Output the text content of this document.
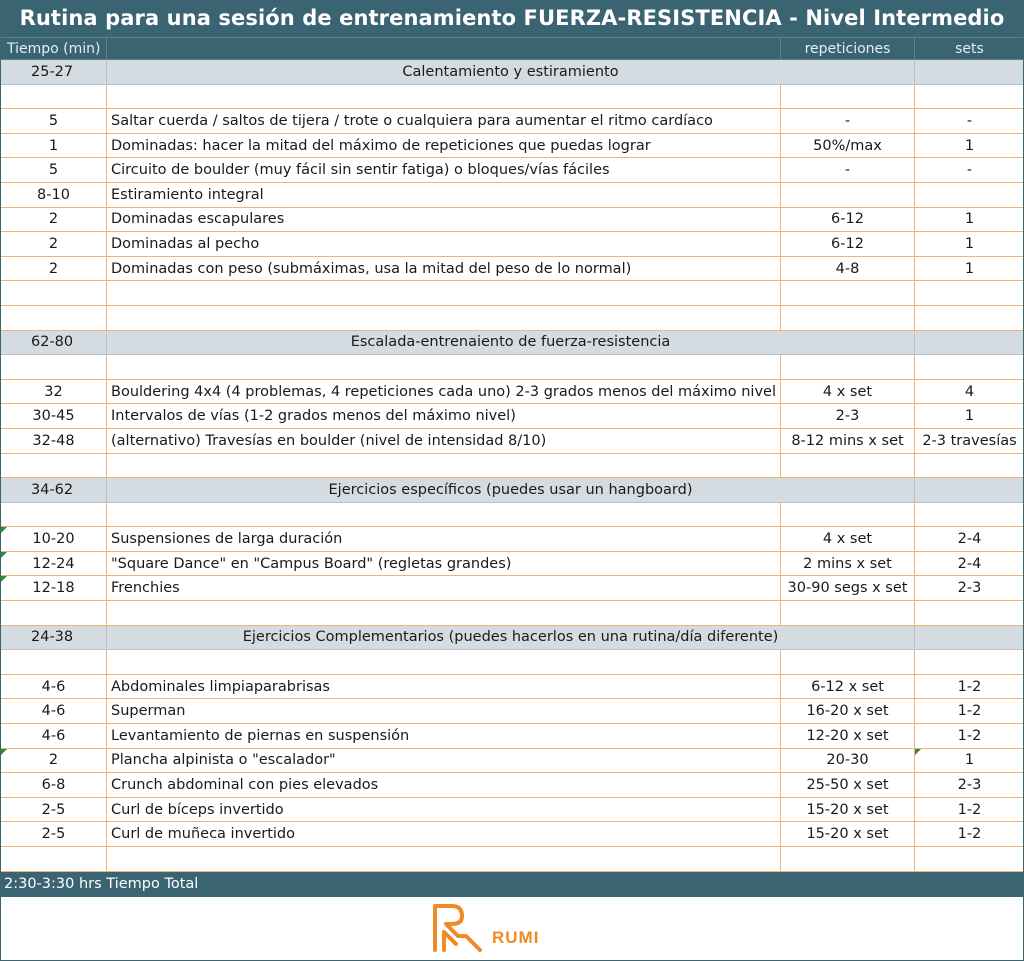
Rutina para una sesión de entrenamiento FUERZA-RESISTENCIA - Nivel Intermedio
Tiempo (min)		repeticiones	sets
25-27	Calentamiento y estiramiento		

5	Saltar cuerda / saltos de tijera / trote o cualquiera para aumentar el ritmo cardíaco	-	-
1	Dominadas: hacer la mitad del máximo de repeticiones que puedas lograr	50%/max	1
5	Circuito de boulder (muy fácil sin sentir fatiga) o bloques/vías fáciles	-	-
8-10	Estiramiento integral		
2	Dominadas escapulares	6-12	1
2	Dominadas al pecho	6-12	1
2	Dominadas con peso (submáximas, usa la mitad del peso de lo normal)	4-8	1

62-80	Escalada-entrenaiento de fuerza-resistencia		

32	Bouldering 4x4 (4 problemas, 4 repeticiones cada uno) 2-3 grados menos del máximo nivel	4 x set	4
30-45	Intervalos de vías (1-2 grados menos del máximo nivel)	2-3	1
32-48	(alternativo) Travesías en boulder (nivel de intensidad 8/10)	8-12 mins x set	2-3 travesías

34-62	Ejercicios específicos (puedes usar un hangboard)		

10-20	Suspensiones de larga duración	4 x set	2-4
12-24	"Square Dance" en "Campus Board" (regletas grandes)	2 mins x set	2-4
12-18	Frenchies	30-90 segs x set	2-3

24-38	Ejercicios Complementarios (puedes hacerlos en una rutina/día diferente)		

4-6	Abdominales limpiaparabrisas	6-12 x set	1-2
4-6	Superman	16-20 x set	1-2
4-6	Levantamiento de piernas en suspensión	12-20 x set	1-2
2	Plancha alpinista o "escalador"	20-30	1
6-8	Crunch abdominal con pies elevados	25-50 x set	2-3
2-5	Curl de bíceps invertido	15-20 x set	1-2
2-5	Curl de muñeca invertido	15-20 x set	1-2

2:30-3:30 hrs Tiempo Total			
RUMI
